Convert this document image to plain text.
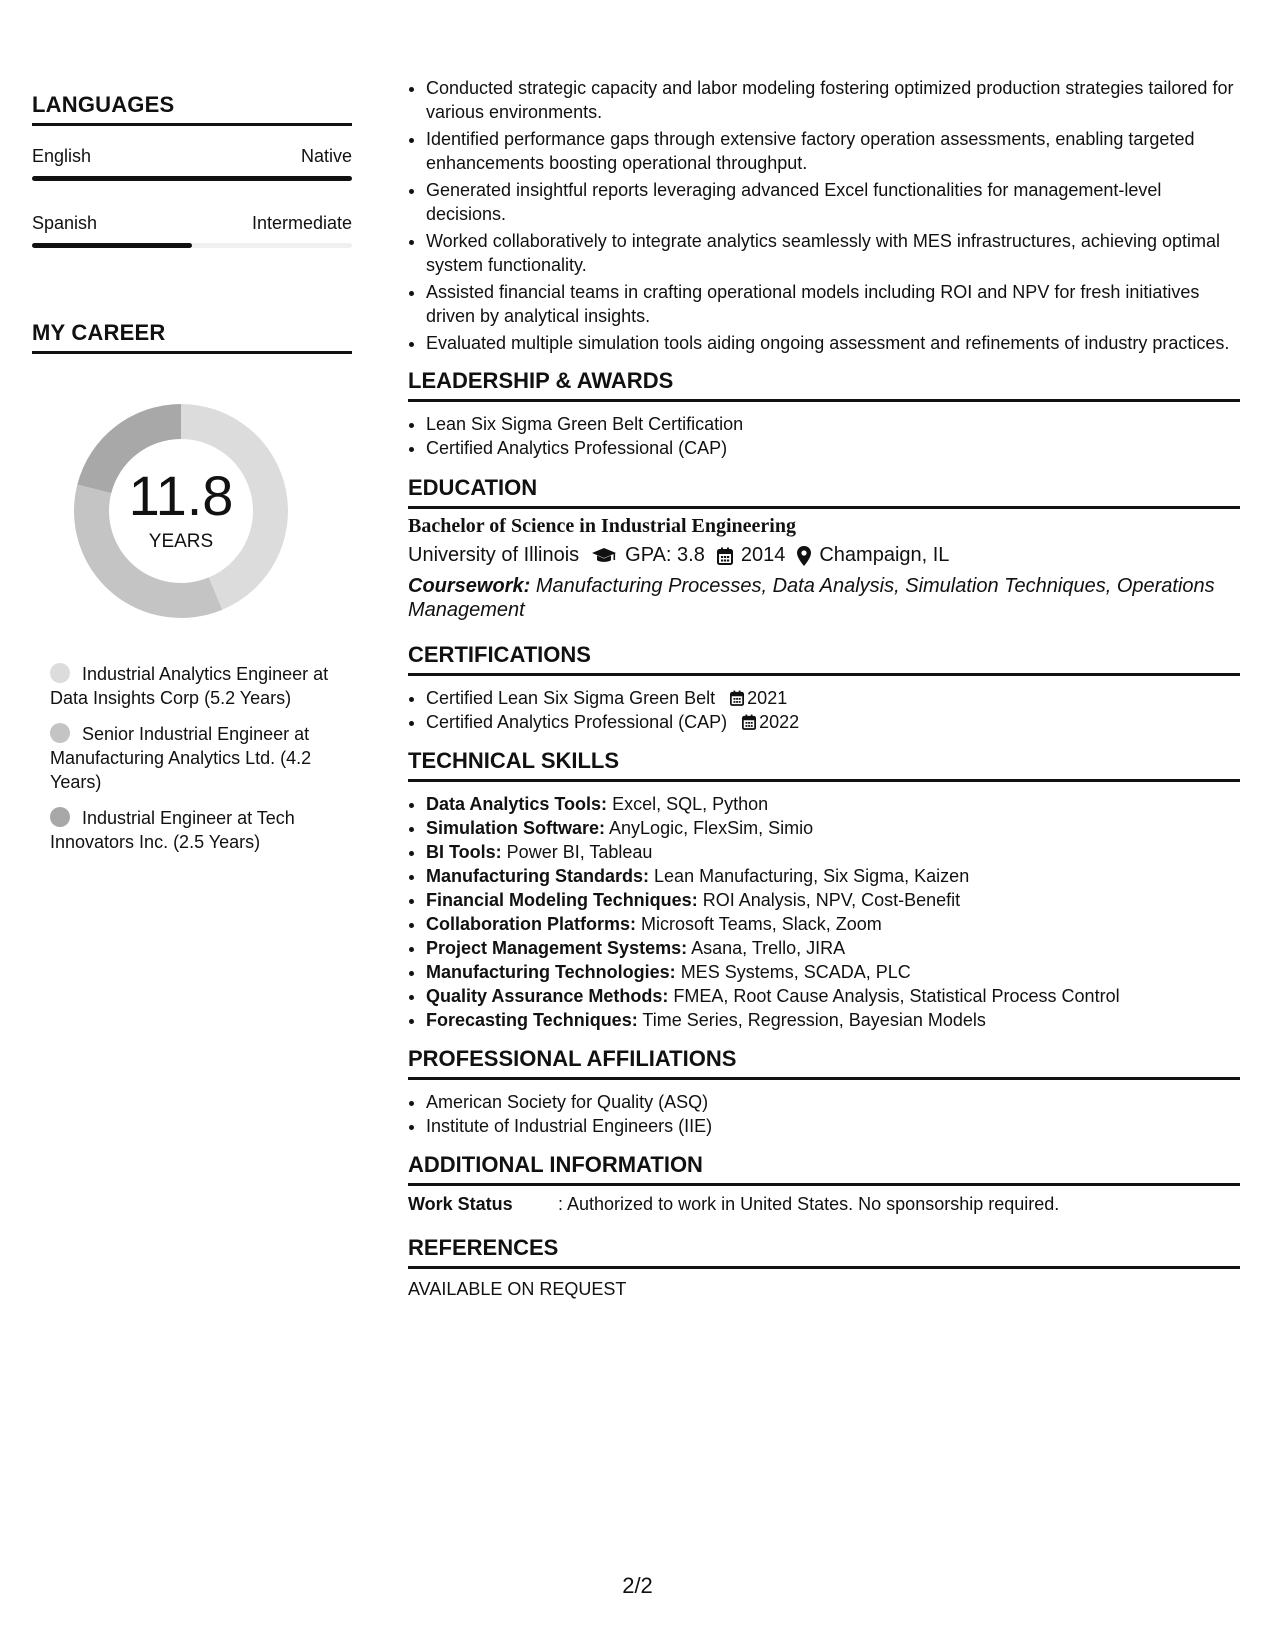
LANGUAGES
English	Native
Spanish	Intermediate
MY CAREER
11.8
YEARS
Industrial Analytics Engineer at Data Insights Corp (5.2 Years)
Senior Industrial Engineer at Manufacturing Analytics Ltd. (4.2 Years)
Industrial Engineer at Tech Innovators Inc. (2.5 Years)
• Conducted strategic capacity and labor modeling fostering optimized production strategies tailored for various environments.
• Identified performance gaps through extensive factory operation assessments, enabling targeted enhancements boosting operational throughput.
• Generated insightful reports leveraging advanced Excel functionalities for management-level decisions.
• Worked collaboratively to integrate analytics seamlessly with MES infrastructures, achieving optimal system functionality.
• Assisted financial teams in crafting operational models including ROI and NPV for fresh initiatives driven by analytical insights.
• Evaluated multiple simulation tools aiding ongoing assessment and refinements of industry practices.
LEADERSHIP & AWARDS
• Lean Six Sigma Green Belt Certification
• Certified Analytics Professional (CAP)
EDUCATION
Bachelor of Science in Industrial Engineering
University of Illinois GPA: 3.8 2014 Champaign, IL
Coursework: Manufacturing Processes, Data Analysis, Simulation Techniques, Operations Management
CERTIFICATIONS
• Certified Lean Six Sigma Green Belt 2021
• Certified Analytics Professional (CAP) 2022
TECHNICAL SKILLS
• Data Analytics Tools: Excel, SQL, Python
• Simulation Software: AnyLogic, FlexSim, Simio
• BI Tools: Power BI, Tableau
• Manufacturing Standards: Lean Manufacturing, Six Sigma, Kaizen
• Financial Modeling Techniques: ROI Analysis, NPV, Cost-Benefit
• Collaboration Platforms: Microsoft Teams, Slack, Zoom
• Project Management Systems: Asana, Trello, JIRA
• Manufacturing Technologies: MES Systems, SCADA, PLC
• Quality Assurance Methods: FMEA, Root Cause Analysis, Statistical Process Control
• Forecasting Techniques: Time Series, Regression, Bayesian Models
PROFESSIONAL AFFILIATIONS
• American Society for Quality (ASQ)
• Institute of Industrial Engineers (IIE)
ADDITIONAL INFORMATION
Work Status	: Authorized to work in United States. No sponsorship required.
REFERENCES
AVAILABLE ON REQUEST
2/2
